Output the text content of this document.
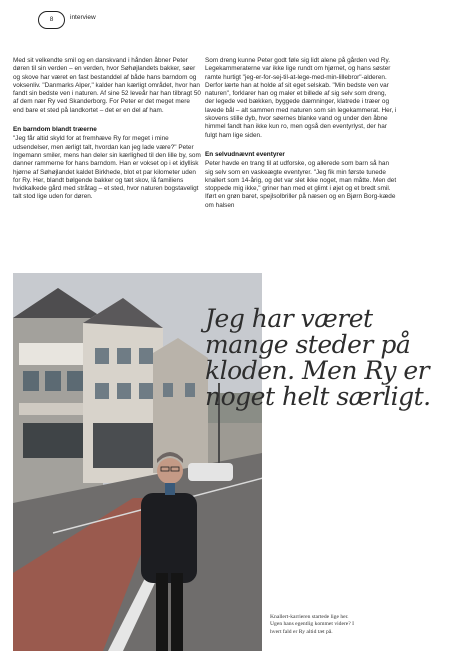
8	interview

Med sit velkendte smil og en danskvand i hånden åbner Peter døren til sin verden – en verden, hvor Søhøjlandets bakker, søer og skove har været en fast bestanddel af både hans barndom og voksenliv. "Danmarks Alper," kalder han kærligt området, hvor han fandt sin bedste ven i naturen. Af sine 52 leveår har han tilbragt 50 af dem nær Ry ved Skanderborg. For Peter er det meget mere end bare et sted på landkortet – det er en del af ham.

En barndom blandt træerne

"Jeg får altid skyld for at fremhæve Ry for meget i mine udsendelser, men ærligt talt, hvordan kan jeg lade være?" Peter Ingemann smiler, mens han deler sin kærlighed til den lille by, som danner rammerne for hans barndom. Han er vokset op i et idyllisk hjørne af Søhøjlandet kaldet Birkhede, blot et par kilometer uden for Ry. Her, blandt bølgende bakker og tæt skov, lå familiens hvidkalkede gård med stråtag – et sted, hvor naturen bogstaveligt talt stod lige uden for døren.

Som dreng kunne Peter godt føle sig lidt alene på gården ved Ry. Legekammeraterne var ikke lige rundt om hjørnet, og hans søster ramte hurtigt "jeg-er-for-sej-til-at-lege-med-min-lillebror"-alderen. Derfor lærte han at holde af sit eget selskab. "Min bedste ven var naturen", forklarer han og maler et billede af sig selv som dreng, der legede ved bækken, byggede dæmninger, klatrede i træer og lavede bål – alt sammen med naturen som sin legekammerat. Her, i skovens stille dyb, hvor søernes blanke vand og under den åbne himmel fandt han ikke kun ro, men også den eventyrlyst, der har fulgt ham lige siden.

En selvudnævnt eventyrer

Peter havde en trang til at udforske, og allerede som barn så han sig selv som en vaskeægte eventyrer. "Jeg fik min første tunede knallert som 14-årig, og det var slet ikke noget, man måtte. Men det stoppede mig ikke," griner han med et glimt i øjet og et bredt smil. Iført en grøn baret, spejlsolbriller på næsen og en Bjørn Borg-kæde om halsen

Jeg har været mange steder på kloden. Men Ry er noget helt særligt.
Knallert-karrieren startede lige her. Ugen hans egentlig kommet videre? I hvert fald er Ry altid tæt på.
